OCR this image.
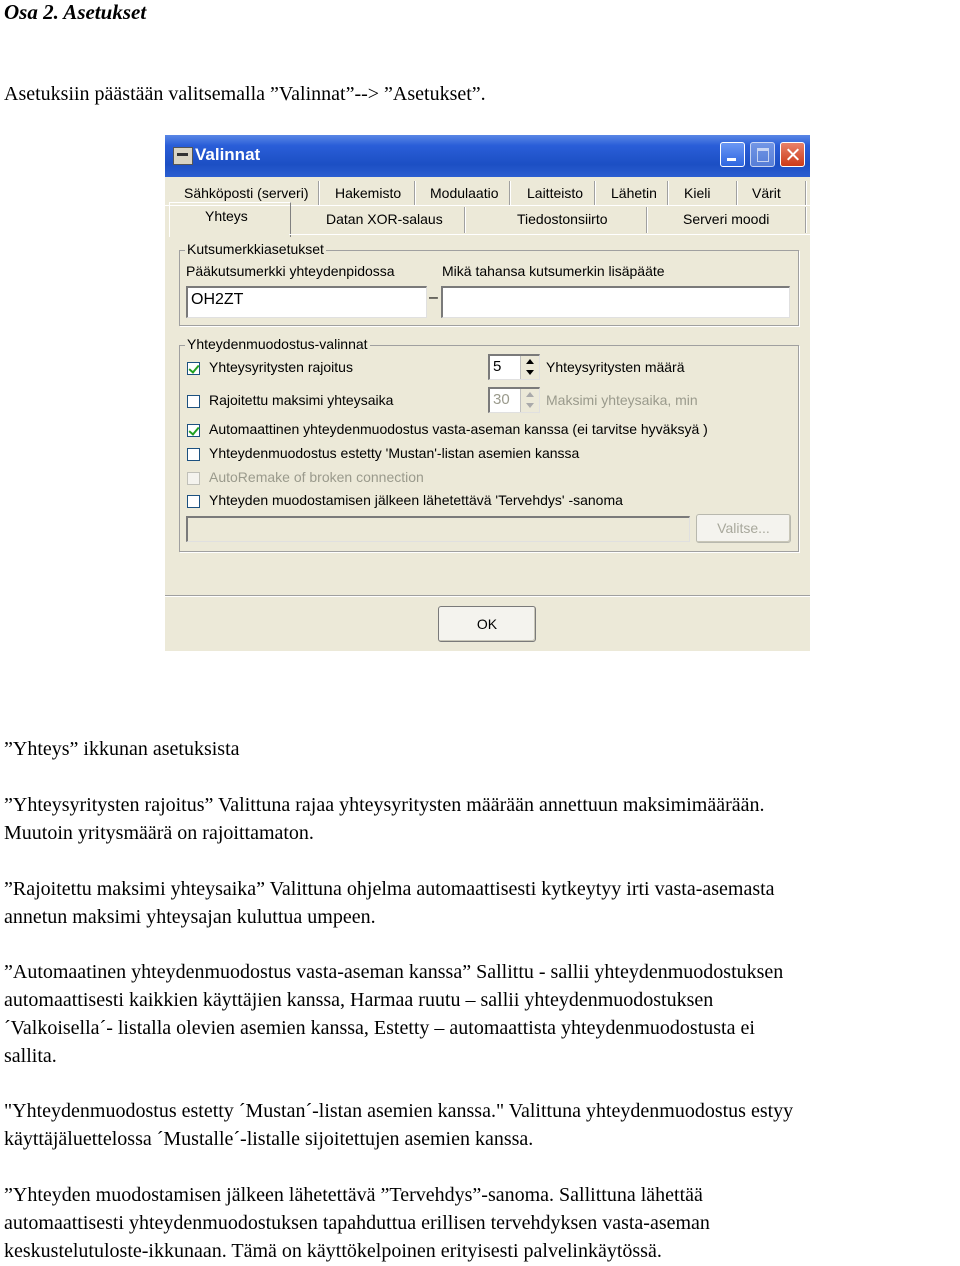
Osa 2. Asetukset
Asetuksiin päästään valitsemalla ”Valinnat”--> ”Asetukset”.
Valinnat
Sähköposti (serveri) Hakemisto Modulaatio Laitteisto Lähetin Kieli	Värit
Yhteys	Datan XOR-salaus	Tiedostonsiirto	Serveri moodi
Kutsumerkkiasetukset
Pääkutsumerkki yhteydenpidossa	Mikä tahansa kutsumerkin lisäpääte
OH2ZT	–
Yhteydenmuodostus-valinnat
Yhteysyritysten rajoitus	5	Yhteysyritysten määrä
Rajoitettu maksimi yhteysaika	30	Maksimi yhteysaika, min
Automaattinen yhteydenmuodostus vasta-aseman kanssa (ei tarvitse hyväksyä )
Yhteydenmuodostus estetty 'Mustan'-listan asemien kanssa
AutoRemake of broken connection
Yhteyden muodostamisen jälkeen lähetettävä 'Tervehdys' -sanoma
Valitse...
OK
”Yhteys” ikkunan asetuksista
”Yhteysyritysten rajoitus” Valittuna rajaa yhteysyritysten määrään annettuun maksimimäärään.
Muutoin yritysmäärä on rajoittamaton.
”Rajoitettu maksimi yhteysaika” Valittuna ohjelma automaattisesti kytkeytyy irti vasta-asemasta
annetun maksimi yhteysajan kuluttua umpeen.
”Automaatinen yhteydenmuodostus vasta-aseman kanssa” Sallittu - sallii yhteydenmuodostuksen
automaattisesti kaikkien käyttäjien kanssa, Harmaa ruutu – sallii yhteydenmuodostuksen
´Valkoisella´- listalla olevien asemien kanssa, Estetty – automaattista yhteydenmuodostusta ei
sallita.
"Yhteydenmuodostus estetty ´Mustan´-listan asemien kanssa." Valittuna yhteydenmuodostus estyy
käyttäjäluettelossa ´Mustalle´-listalle sijoitettujen asemien kanssa.
”Yhteyden muodostamisen jälkeen lähetettävä ”Tervehdys”-sanoma. Sallittuna lähettää
automaattisesti yhteydenmuodostuksen tapahduttua erillisen tervehdyksen vasta-aseman
keskustelutuloste-ikkunaan. Tämä on käyttökelpoinen erityisesti palvelinkäytössä.
